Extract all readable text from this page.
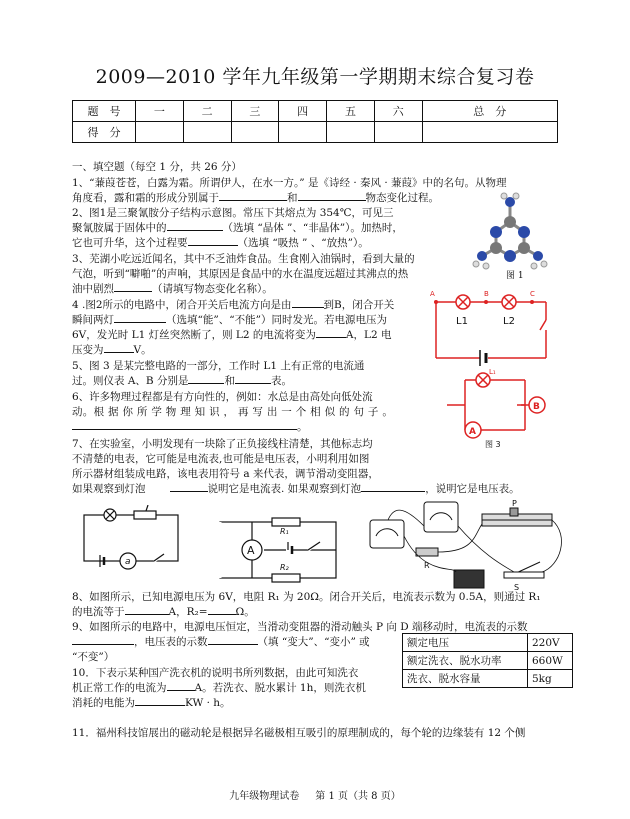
2009—2010 学年九年级第一学期期末综合复习卷
题　号	一	二	三	四	五	六	总　分
得　分							
一、填空题（每空 1 分，共 26 分）
1、“蒹葭苍苍，白露为霜。所谓伊人，在水一方。” 是《诗经 · 秦风 · 蒹葭》中的名句。从物理
角度看，露和霜的形成分别属于	和	物态变化过程。
2、图1是三聚氰胺分子结构示意图。常压下其熔点为 354℃，可见三
聚氰胺属于固体中的	（选填 “晶体 ”、“非晶体”）。加热时，
它也可升华，这个过程要	（选填 “吸热 ” 、“放热”）。
图 1
3、芜湖小吃远近闻名，其中不乏油炸食品。生食刚入油锅时，看到大量的
气泡，听到“噼啪”的声响，其原因是食品中的水在温度远超过其沸点的热
油中剧烈	（请填写物态变化名称）。
4 .图2所示的电路中，闭合开关后电流方向是由	到B，闭合开关
瞬间两灯	（选填“能”、“不能”）同时发光。若电源电压为
6V，发光时 L1 灯丝突然断了，则 L2 的电流将变为	A，L2 电
压变为	V。
A	B	C
L1	L2
5、图 3 是某完整电路的一部分，工作时 L1 上有正常的电流通
过。则仪表 A、B 分别是	和	表。
A
B
L₁
图 3
6、许多物理过程都是有方向性的，例如：水总是由高处向低处流
动。根 据 你 所 学 物 理 知 识 ， 再 写 出 一 个 相 似 的 句 子 。
。
7、在实验室，小明发现有一块除了正负接线柱清楚，其他标志均
不清楚的电表，它可能是电流表,也可能是电压表，小明利用如图
所示器材组装成电路，该电表用符号 a 来代表，调节滑动变阻器，
如果观察到灯泡	说明它是电流表. 如果观察到灯泡	，说明它是电压表。
a
A
R₁
R₂
P
R
S
8、如图所示，已知电源电压为 6V，电阻 R₁ 为 20Ω。闭合开关后，电流表示数为 0.5A，则通过 R₁
的电流等于	A，R₂=	Ω。
9、如图所示的电路中，电源电压恒定，当滑动变阻器的滑动触头 P 向 D 端移动时，电流表的示数
，电压表的示数	（填 “变大”、“变小” 或
“不变”）
额定电压	220V
额定洗衣、脱水功率	660W
洗衣、脱水容量	5kg
10．下表示某种国产洗衣机的说明书所列数据，由此可知洗衣
机正常工作的电流为	A。若洗衣、脱水累计 1h，则洗衣机
消耗的电能为	KW · h。
11．福州科技馆展出的磁动轮是根据异名磁极相互吸引的原理制成的，每个轮的边缘装有 12 个侧
九年级物理试卷 第 1 页（共 8 页）
